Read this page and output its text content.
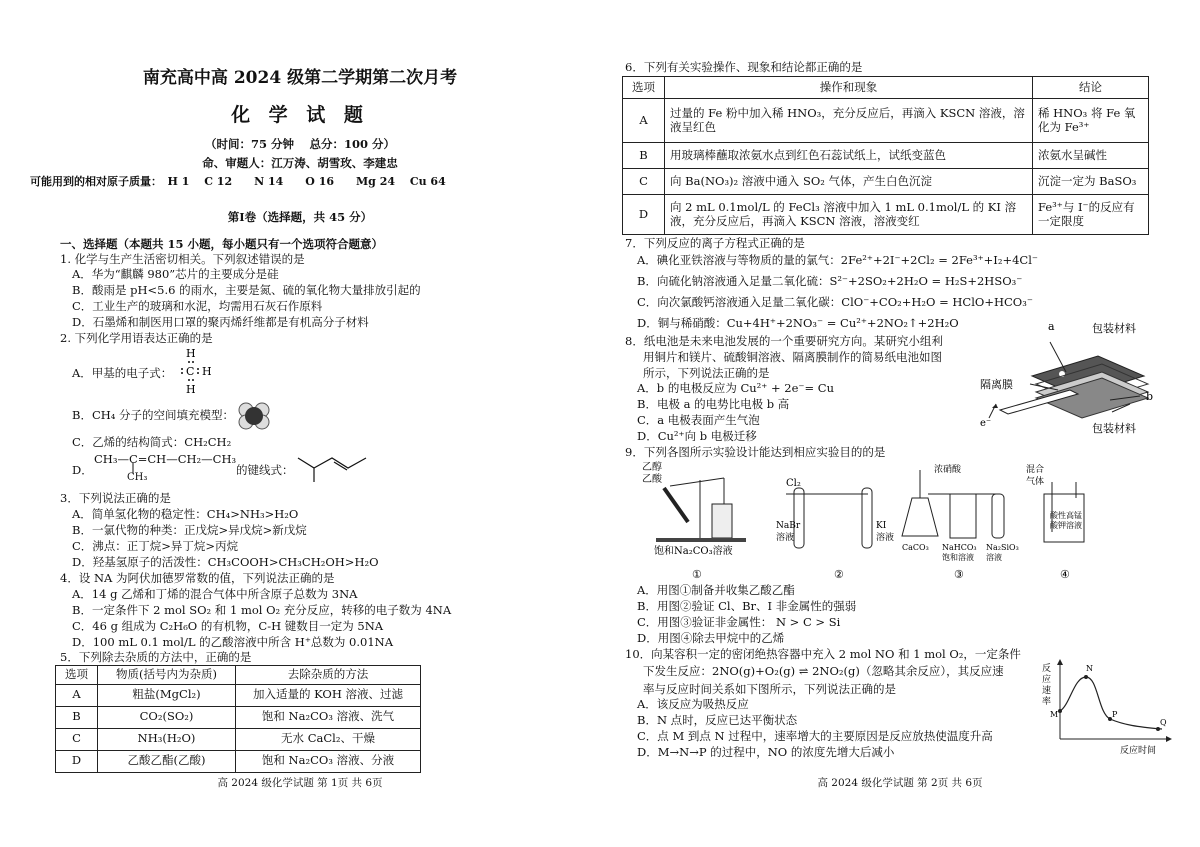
南充高中高 2024 级第二学期第二次月考
化 学 试 题
（时间：75 分钟　 总分：100 分）
命、审题人：江万涛、胡雪玫、李建忠
可能用到的相对原子质量：　H 1　 C 12　　N 14　　O 16　　Mg 24　 Cu 64
第Ⅰ卷（选择题，共 45 分）
一、选择题（本题共 15 小题，每小题只有一个选项符合题意）
1. 化学与生产生活密切相关。下列叙述错误的是
A．华为“麒麟 980”芯片的主要成分是硅
B．酸雨是 pH<5.6 的雨水，主要是氮、硫的氧化物大量排放引起的
C．工业生产的玻璃和水泥，均需用石灰石作原料
D．石墨烯和制医用口罩的聚丙烯纤维都是有机高分子材料
2. 下列化学用语表达正确的是
A．甲基的电子式：
H
C H
H
B．CH₄ 分子的空间填充模型：
C．乙烯的结构简式：CH₂CH₂
D．
CH₃—C=CH—CH₂—CH₃
CH₃
的键线式：
3．下列说法正确的是
A．简单氢化物的稳定性：CH₄>NH₃>H₂O
B．一氯代物的种类：正戊烷>异戊烷>新戊烷
C．沸点：正丁烷>异丁烷>丙烷
D．羟基氢原子的活泼性：CH₃COOH>CH₃CH₂OH>H₂O
4．设 NA 为阿伏加德罗常数的值，下列说法正确的是
A．14 g 乙烯和丁烯的混合气体中所含原子总数为 3NA
B．一定条件下 2 mol SO₂ 和 1 mol O₂ 充分反应，转移的电子数为 4NA
C．46 g 组成为 C₂H₆O 的有机物，C-H 键数目一定为 5NA
D．100 mL 0.1 mol/L 的乙酸溶液中所含 H⁺总数为 0.01NA
5．下列除去杂质的方法中，正确的是
选项	物质(括号内为杂质)	去除杂质的方法
A	粗盐(MgCl₂)	加入适量的 KOH 溶液、过滤
B	CO₂(SO₂)	饱和 Na₂CO₃ 溶液、洗气
C	NH₃(H₂O)	无水 CaCl₂、干燥
D	乙酸乙酯(乙酸)	饱和 Na₂CO₃ 溶液、分液
高 2024 级化学试题 第 1页 共 6页
6．下列有关实验操作、现象和结论都正确的是
选项	操作和现象	结论
A	过量的 Fe 粉中加入稀 HNO₃，充分反应后，再滴入 KSCN 溶液，溶液呈红色	稀 HNO₃ 将 Fe 氧化为 Fe³⁺
B	用玻璃棒蘸取浓氨水点到红色石蕊试纸上，试纸变蓝色	浓氨水呈碱性
C	向 Ba(NO₃)₂ 溶液中通入 SO₂ 气体，产生白色沉淀	沉淀一定为 BaSO₃
D	向 2 mL 0.1mol/L 的 FeCl₃ 溶液中加入 1 mL 0.1mol/L 的 KI 溶液，充分反应后，再滴入 KSCN 溶液，溶液变红	Fe³⁺与 I⁻的反应有一定限度
7．下列反应的离子方程式正确的是
A．碘化亚铁溶液与等物质的量的氯气：2Fe²⁺+2I⁻+2Cl₂ = 2Fe³⁺+I₂+4Cl⁻
B．向硫化钠溶液通入足量二氧化硫：S²⁻+2SO₂+2H₂O = H₂S+2HSO₃⁻
C．向次氯酸钙溶液通入足量二氧化碳：ClO⁻+CO₂+H₂O = HClO+HCO₃⁻
D．铜与稀硝酸：Cu+4H⁺+2NO₃⁻ = Cu²⁺+2NO₂↑+2H₂O
8．纸电池是未来电池发展的一个重要研究方向。某研究小组利
用铜片和镁片、硫酸铜溶液、隔离膜制作的简易纸电池如图
所示，下列说法正确的是
A．b 的电极反应为 Cu²⁺ + 2e⁻= Cu
B．电极 a 的电势比电极 b 高
C．a 电极表面产生气泡
D．Cu²⁺向 b 电极迁移
a	包装材料
隔离膜
b
e⁻	包装材料
9．下列各图所示实验设计能达到相应实验目的的是
乙醇
乙酸
饱和Na₂CO₃溶液
①
Cl₂
NaBr
溶液
KI
溶液
②
浓硝酸
CaCO₃ NaHCO₃
饱和溶液
Na₂SiO₃
溶液
③
混合
气体
酸性高锰
酸钾溶液
④
A．用图①制备并收集乙酸乙酯
B．用图②验证 Cl、Br、I 非金属性的强弱
C．用图③验证非金属性： N > C > Si
D．用图④除去甲烷中的乙烯
10．向某容积一定的密闭绝热容器中充入 2 mol NO 和 1 mol O₂，一定条件
下发生反应：2NO(g)+O₂(g) ⇌ 2NO₂(g)（忽略其余反应），其反应速
率与反应时间关系如下图所示，下列说法正确的是
A．该反应为吸热反应
B．N 点时，反应已达平衡状态
C．点 M 到点 N 过程中，速率增大的主要原因是反应放热使温度升高
D．M→N→P 的过程中，NO 的浓度先增大后减小
反
应
速
率
M
N
P
Q
反应时间
高 2024 级化学试题 第 2页 共 6页
